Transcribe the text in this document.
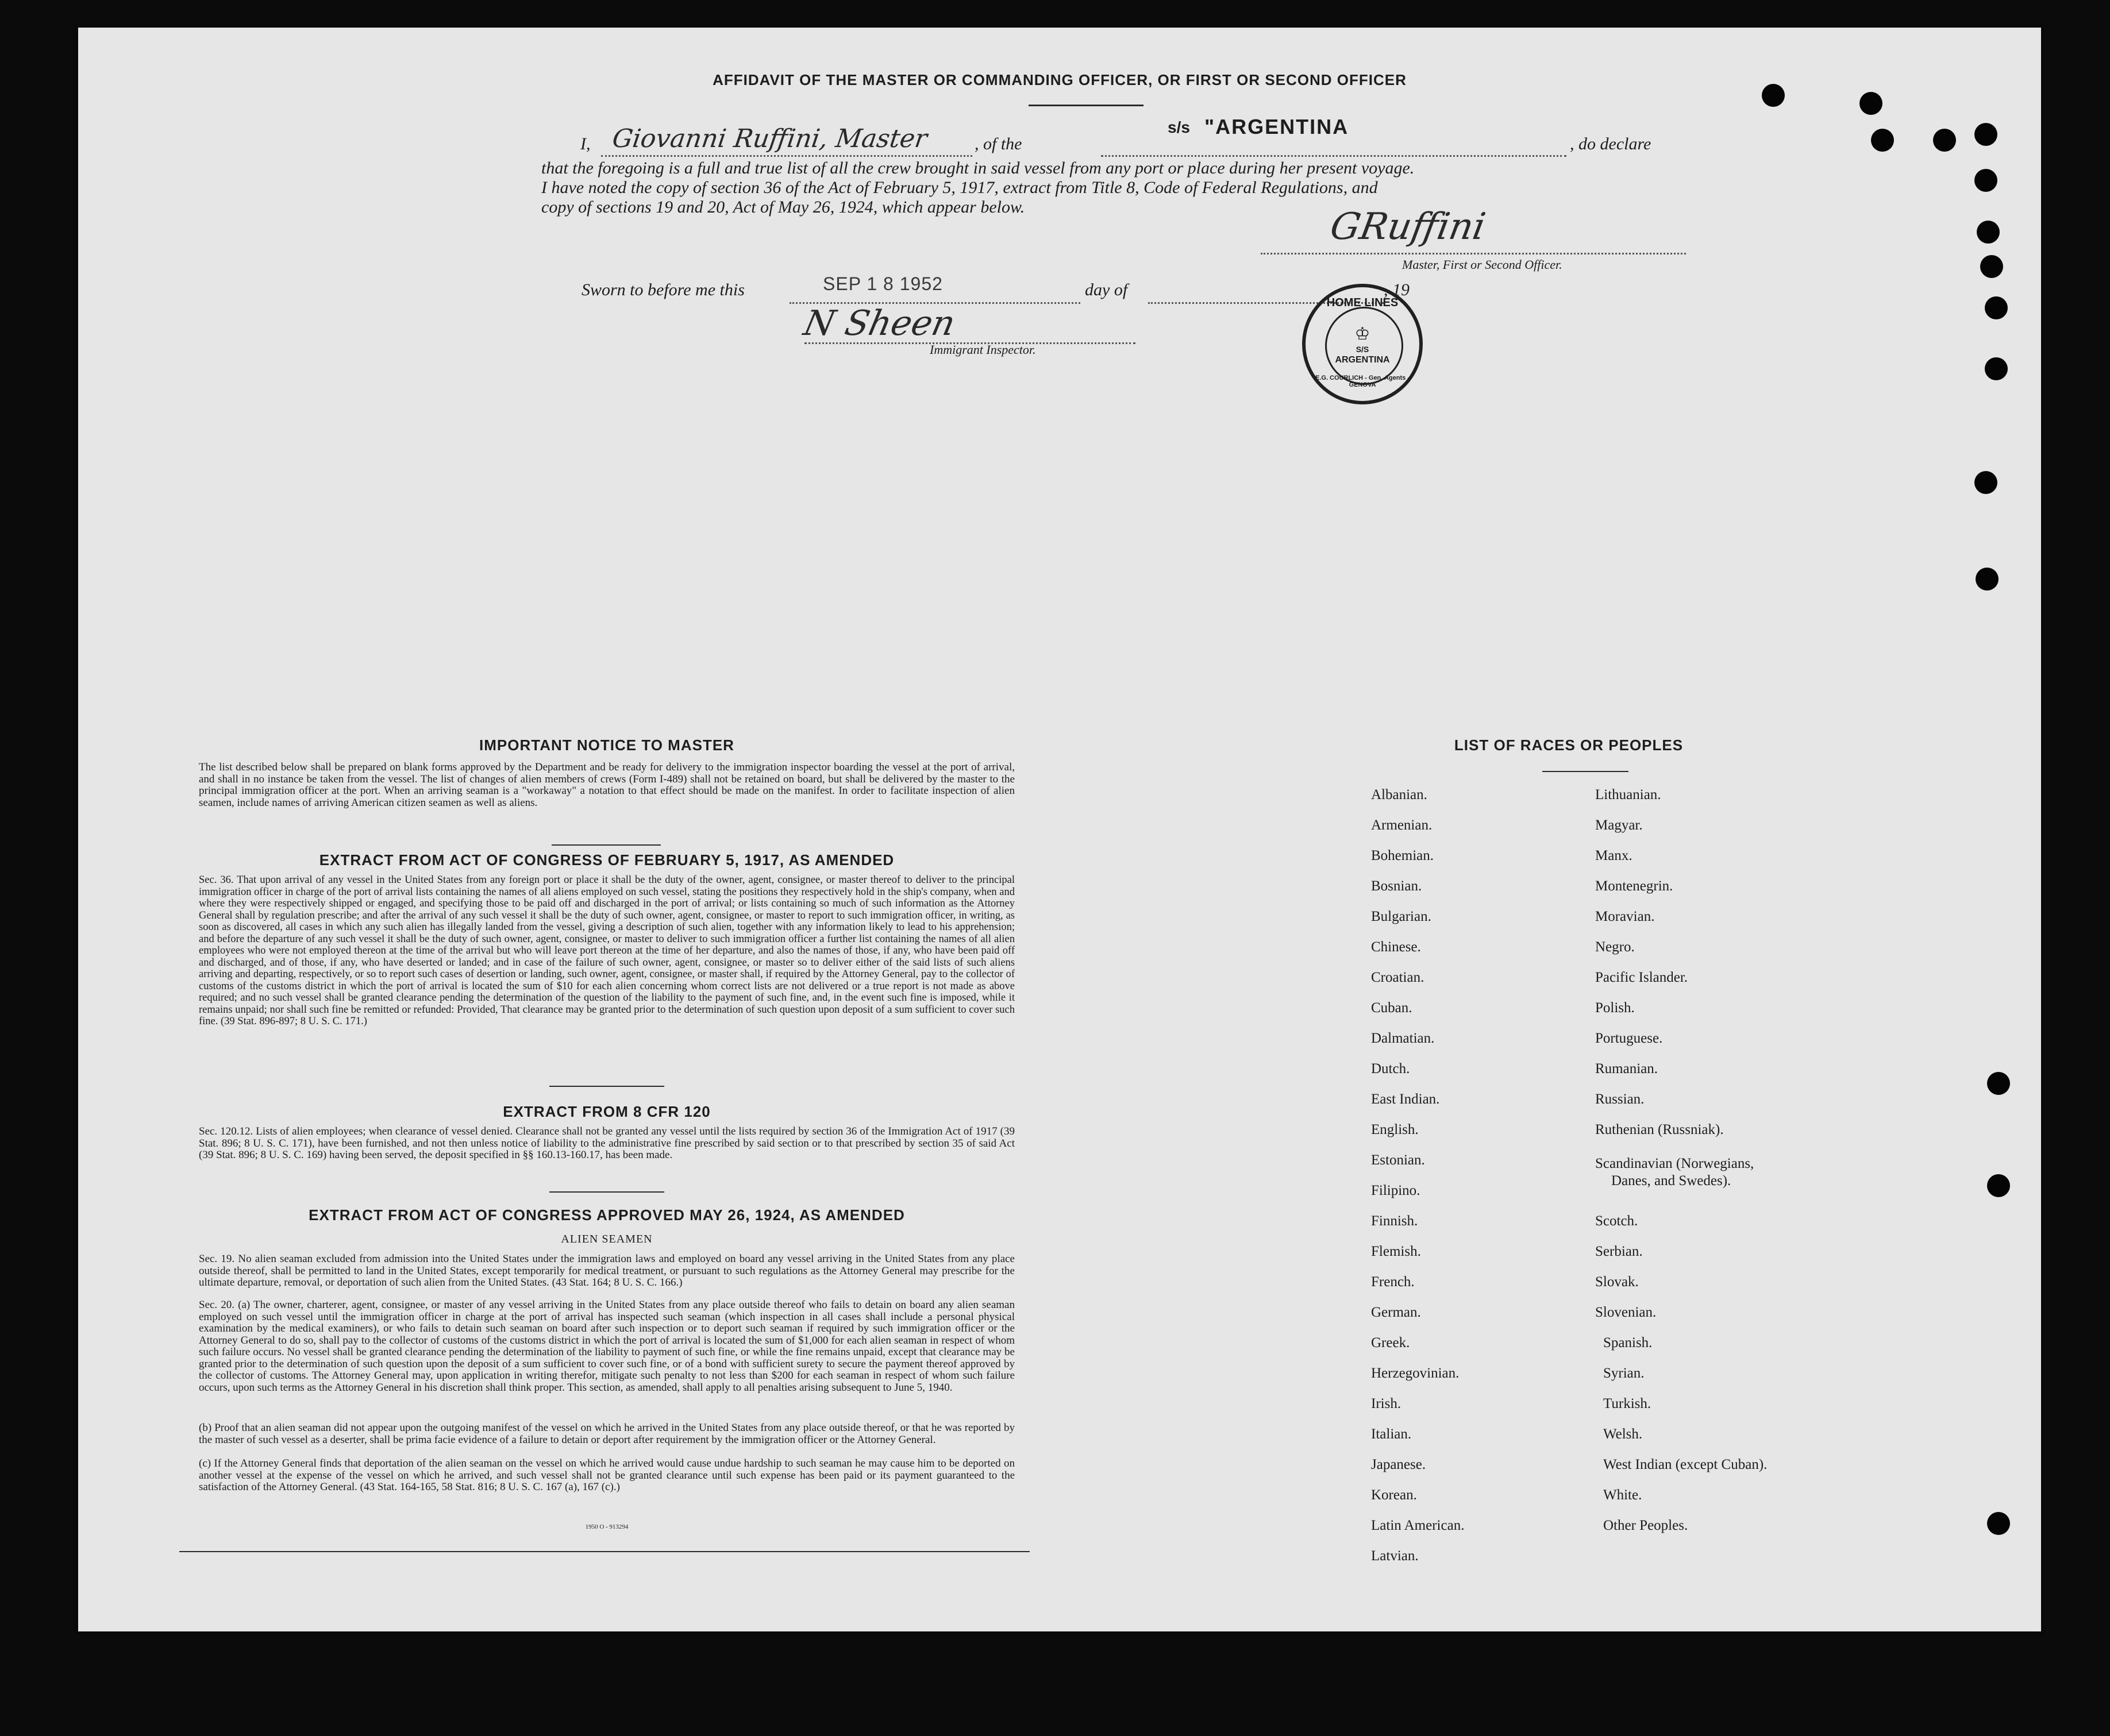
AFFIDAVIT OF THE MASTER OR COMMANDING OFFICER, OR FIRST OR SECOND OFFICER
I, Giovanni Ruffini, Master	, of the
s/s "ARGENTINA
, do declare
that the foregoing is a full and true list of all the crew brought in said vessel from any port or place during her present voyage.
I have noted the copy of section 36 of the Act of February 5, 1917, extract from Title 8, Code of Federal Regulations, and
copy of sections 19 and 20, Act of May 26, 1924, which appear below.	GRuffini
Master, First or Second Officer.
Sworn to before me this	SEP 1 8 1952	day of	, 19
N Sheen
Immigrant Inspector.
HOME LINES
♔
S/S
ARGENTINA
E.G. COURLICH - Gen. Agents - GENOVA
IMPORTANT NOTICE TO MASTER
The list described below shall be prepared on blank forms approved by the Department and be ready for delivery to the immigration inspector boarding the vessel at the port of arrival, and shall in no instance be taken from the vessel. The list of changes of alien members of crews (Form I-489) shall not be retained on board, but shall be delivered by the master to the principal immigration officer at the port. When an arriving seaman is a "workaway" a notation to that effect should be made on the manifest. In order to facilitate inspection of alien seamen, include names of arriving American citizen seamen as well as aliens.
EXTRACT FROM ACT OF CONGRESS OF FEBRUARY 5, 1917, AS AMENDED
Sec. 36. That upon arrival of any vessel in the United States from any foreign port or place it shall be the duty of the owner, agent, consignee, or master thereof to deliver to the principal immigration officer in charge of the port of arrival lists containing the names of all aliens employed on such vessel, stating the positions they respectively hold in the ship's company, when and where they were respectively shipped or engaged, and specifying those to be paid off and discharged in the port of arrival; or lists containing so much of such information as the Attorney General shall by regulation prescribe; and after the arrival of any such vessel it shall be the duty of such owner, agent, consignee, or master to report to such immigration officer, in writing, as soon as discovered, all cases in which any such alien has illegally landed from the vessel, giving a description of such alien, together with any information likely to lead to his apprehension; and before the departure of any such vessel it shall be the duty of such owner, agent, consignee, or master to deliver to such immigration officer a further list containing the names of all alien employees who were not employed thereon at the time of the arrival but who will leave port thereon at the time of her departure, and also the names of those, if any, who have been paid off and discharged, and of those, if any, who have deserted or landed; and in case of the failure of such owner, agent, consignee, or master so to deliver either of the said lists of such aliens arriving and departing, respectively, or so to report such cases of desertion or landing, such owner, agent, consignee, or master shall, if required by the Attorney General, pay to the collector of customs of the customs district in which the port of arrival is located the sum of $10 for each alien concerning whom correct lists are not delivered or a true report is not made as above required; and no such vessel shall be granted clearance pending the determination of the question of the liability to the payment of such fine, and, in the event such fine is imposed, while it remains unpaid; nor shall such fine be remitted or refunded: Provided, That clearance may be granted prior to the determination of such question upon deposit of a sum sufficient to cover such fine. (39 Stat. 896-897; 8 U. S. C. 171.)
EXTRACT FROM 8 CFR 120
Sec. 120.12. Lists of alien employees; when clearance of vessel denied. Clearance shall not be granted any vessel until the lists required by section 36 of the Immigration Act of 1917 (39 Stat. 896; 8 U. S. C. 171), have been furnished, and not then unless notice of liability to the administrative fine prescribed by said section or to that prescribed by section 35 of said Act (39 Stat. 896; 8 U. S. C. 169) having been served, the deposit specified in §§ 160.13-160.17, has been made.
EXTRACT FROM ACT OF CONGRESS APPROVED MAY 26, 1924, AS AMENDED
ALIEN SEAMEN
Sec. 19. No alien seaman excluded from admission into the United States under the immigration laws and employed on board any vessel arriving in the United States from any place outside thereof, shall be permitted to land in the United States, except temporarily for medical treatment, or pursuant to such regulations as the Attorney General may prescribe for the ultimate departure, removal, or deportation of such alien from the United States. (43 Stat. 164; 8 U. S. C. 166.)
Sec. 20. (a) The owner, charterer, agent, consignee, or master of any vessel arriving in the United States from any place outside thereof who fails to detain on board any alien seaman employed on such vessel until the immigration officer in charge at the port of arrival has inspected such seaman (which inspection in all cases shall include a personal physical examination by the medical examiners), or who fails to detain such seaman on board after such inspection or to deport such seaman if required by such immigration officer or the Attorney General to do so, shall pay to the collector of customs of the customs district in which the port of arrival is located the sum of $1,000 for each alien seaman in respect of whom such failure occurs. No vessel shall be granted clearance pending the determination of the liability to payment of such fine, or while the fine remains unpaid, except that clearance may be granted prior to the determination of such question upon the deposit of a sum sufficient to cover such fine, or of a bond with sufficient surety to secure the payment thereof approved by the collector of customs. The Attorney General may, upon application in writing therefor, mitigate such penalty to not less than $200 for each seaman in respect of whom such failure occurs, upon such terms as the Attorney General in his discretion shall think proper. This section, as amended, shall apply to all penalties arising subsequent to June 5, 1940.
(b) Proof that an alien seaman did not appear upon the outgoing manifest of the vessel on which he arrived in the United States from any place outside thereof, or that he was reported by the master of such vessel as a deserter, shall be prima facie evidence of a failure to detain or deport after requirement by the immigration officer or the Attorney General.
(c) If the Attorney General finds that deportation of the alien seaman on the vessel on which he arrived would cause undue hardship to such seaman he may cause him to be deported on another vessel at the expense of the vessel on which he arrived, and such vessel shall not be granted clearance until such expense has been paid or its payment guaranteed to the satisfaction of the Attorney General. (43 Stat. 164-165, 58 Stat. 816; 8 U. S. C. 167 (a), 167 (c).)
1950 O - 913294
LIST OF RACES OR PEOPLES
Albanian.
Armenian.
Bohemian.
Bosnian.
Bulgarian.
Chinese.
Croatian.
Cuban.
Dalmatian.
Dutch.
East Indian.
English.
Estonian.
Filipino.
Finnish.
Flemish.
French.
German.
Greek.
Herzegovinian.
Irish.
Italian.
Japanese.
Korean.
Latin American.
Latvian.
Lithuanian.
Magyar.
Manx.
Montenegrin.
Moravian.
Negro.
Pacific Islander.
Polish.
Portuguese.
Rumanian.
Russian.
Ruthenian (Russniak).
Scandinavian (Norwegians,
Danes, and Swedes).
Scotch.
Serbian.
Slovak.
Slovenian.
Spanish.
Syrian.
Turkish.
Welsh.
West Indian (except Cuban).
White.
Other Peoples.
